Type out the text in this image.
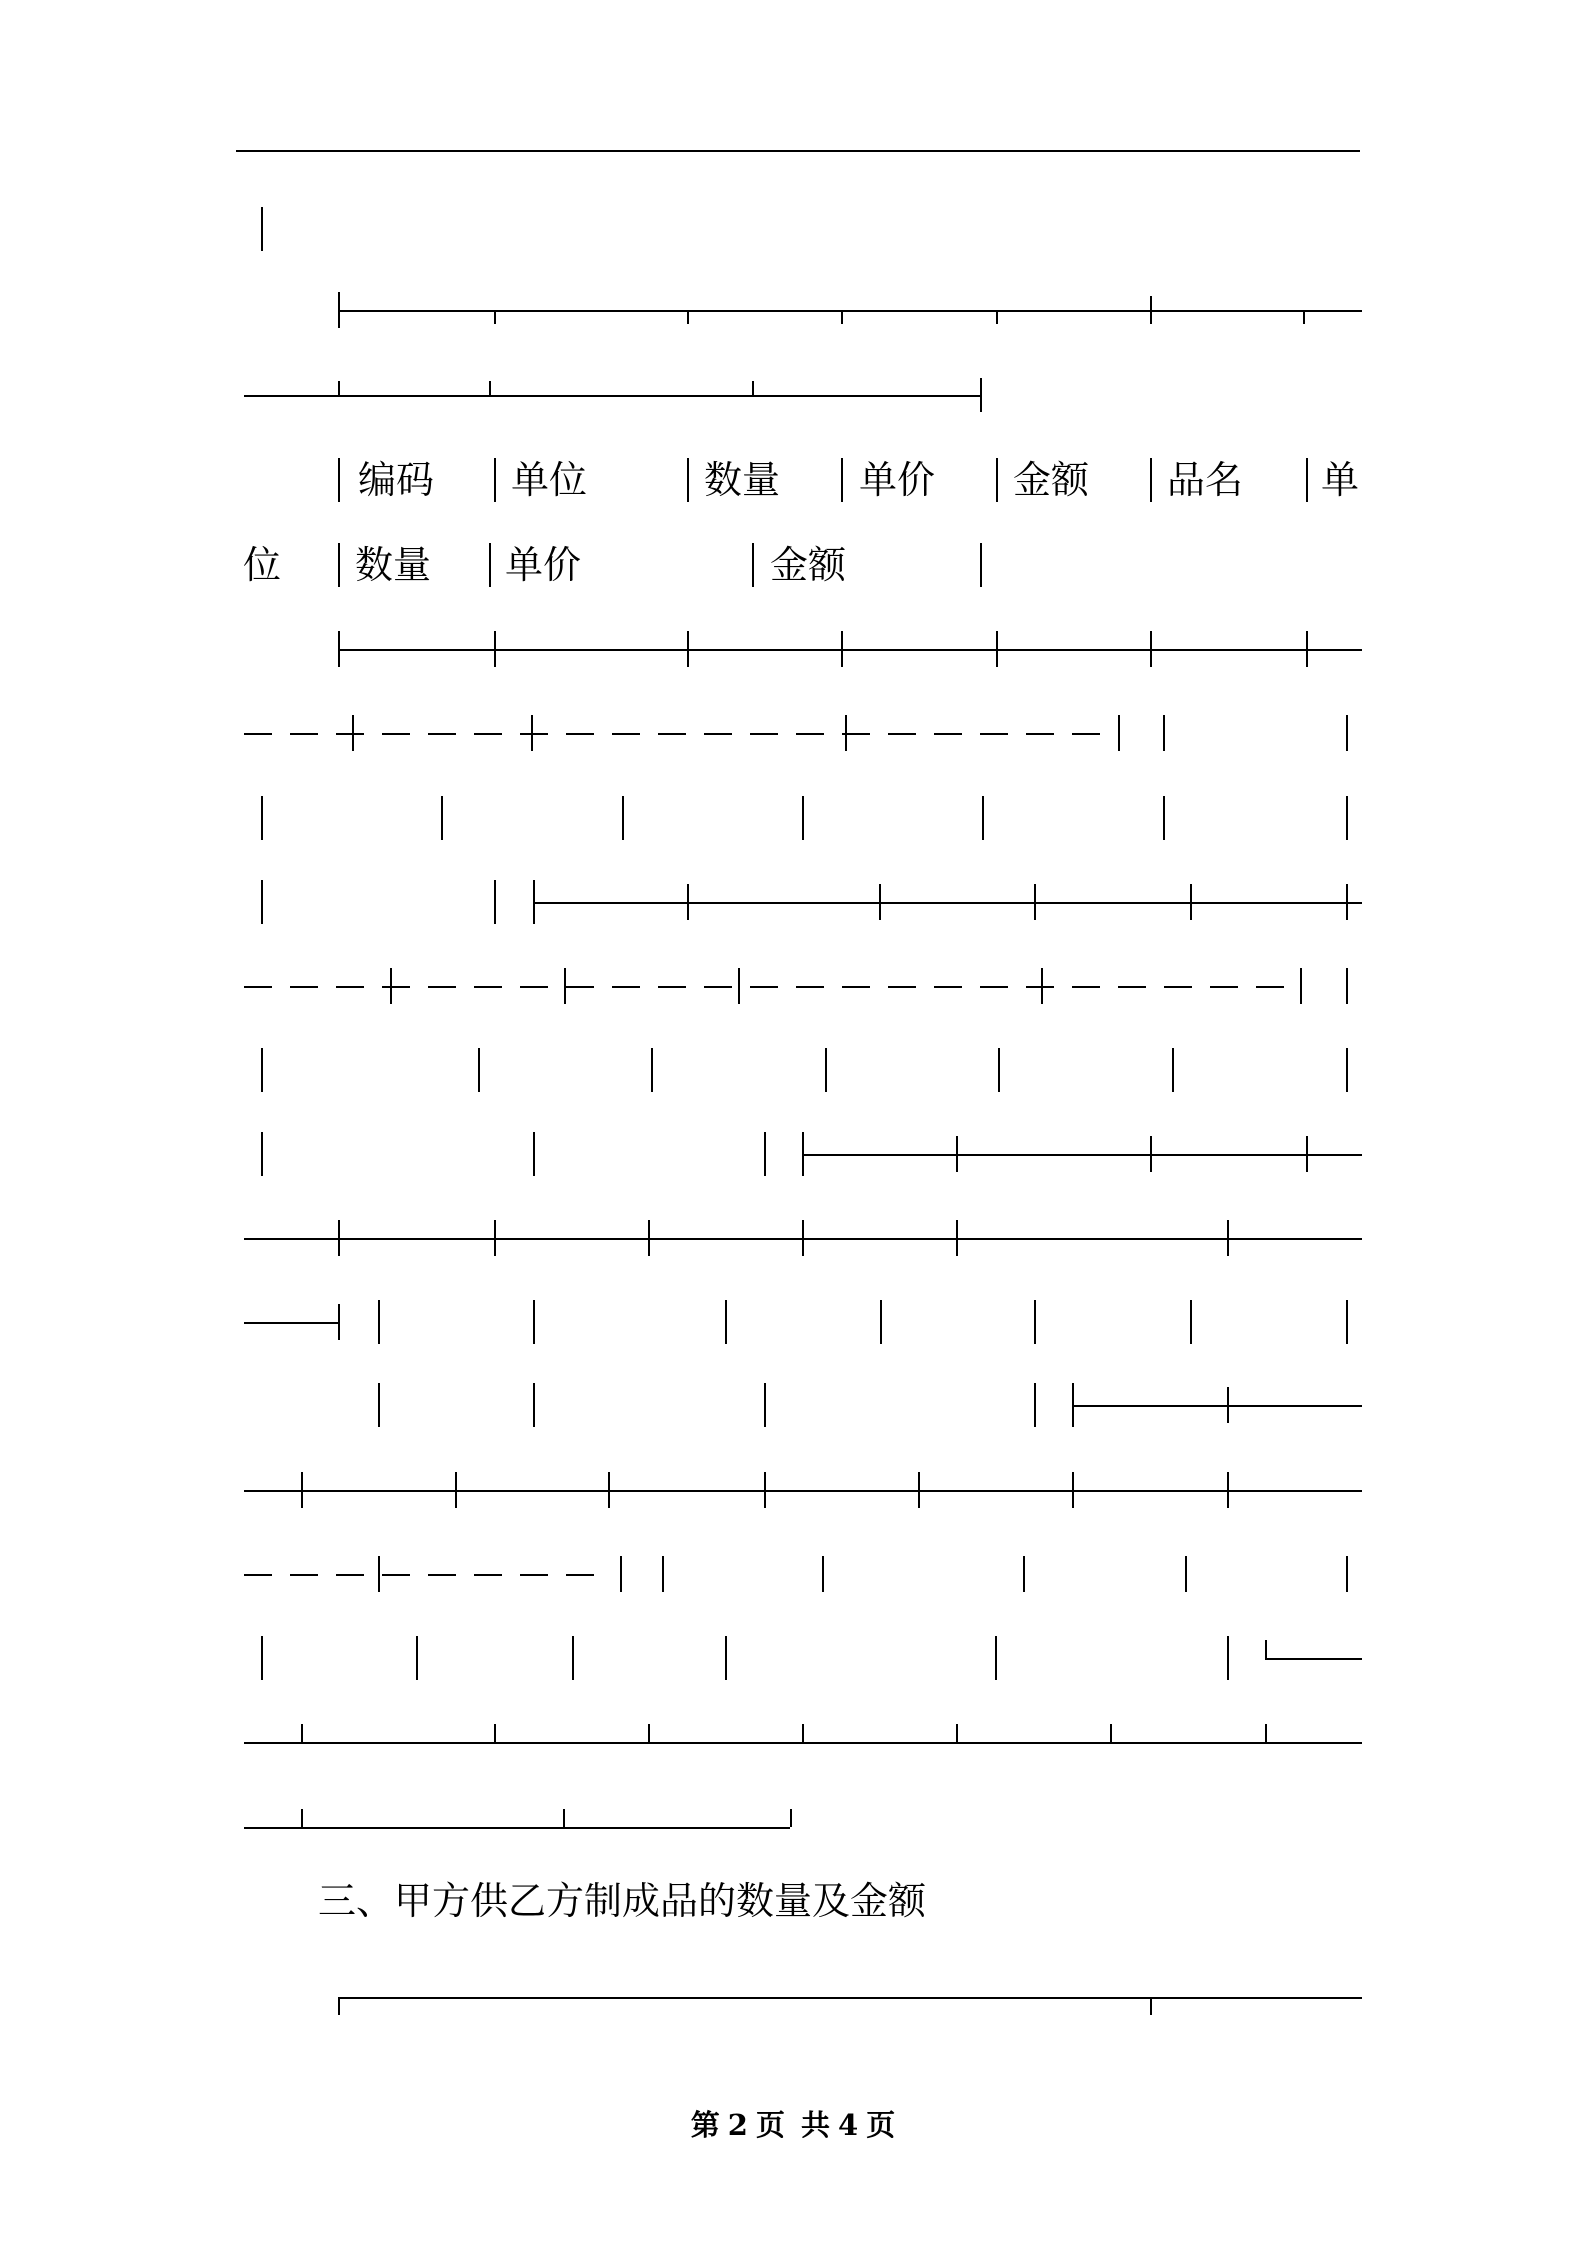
编码 单位	数量 单价 金额 品名 单
位 数量 单价	金额
三、甲方供乙方制成品的数量及金额
第 2 页 共 4 页
